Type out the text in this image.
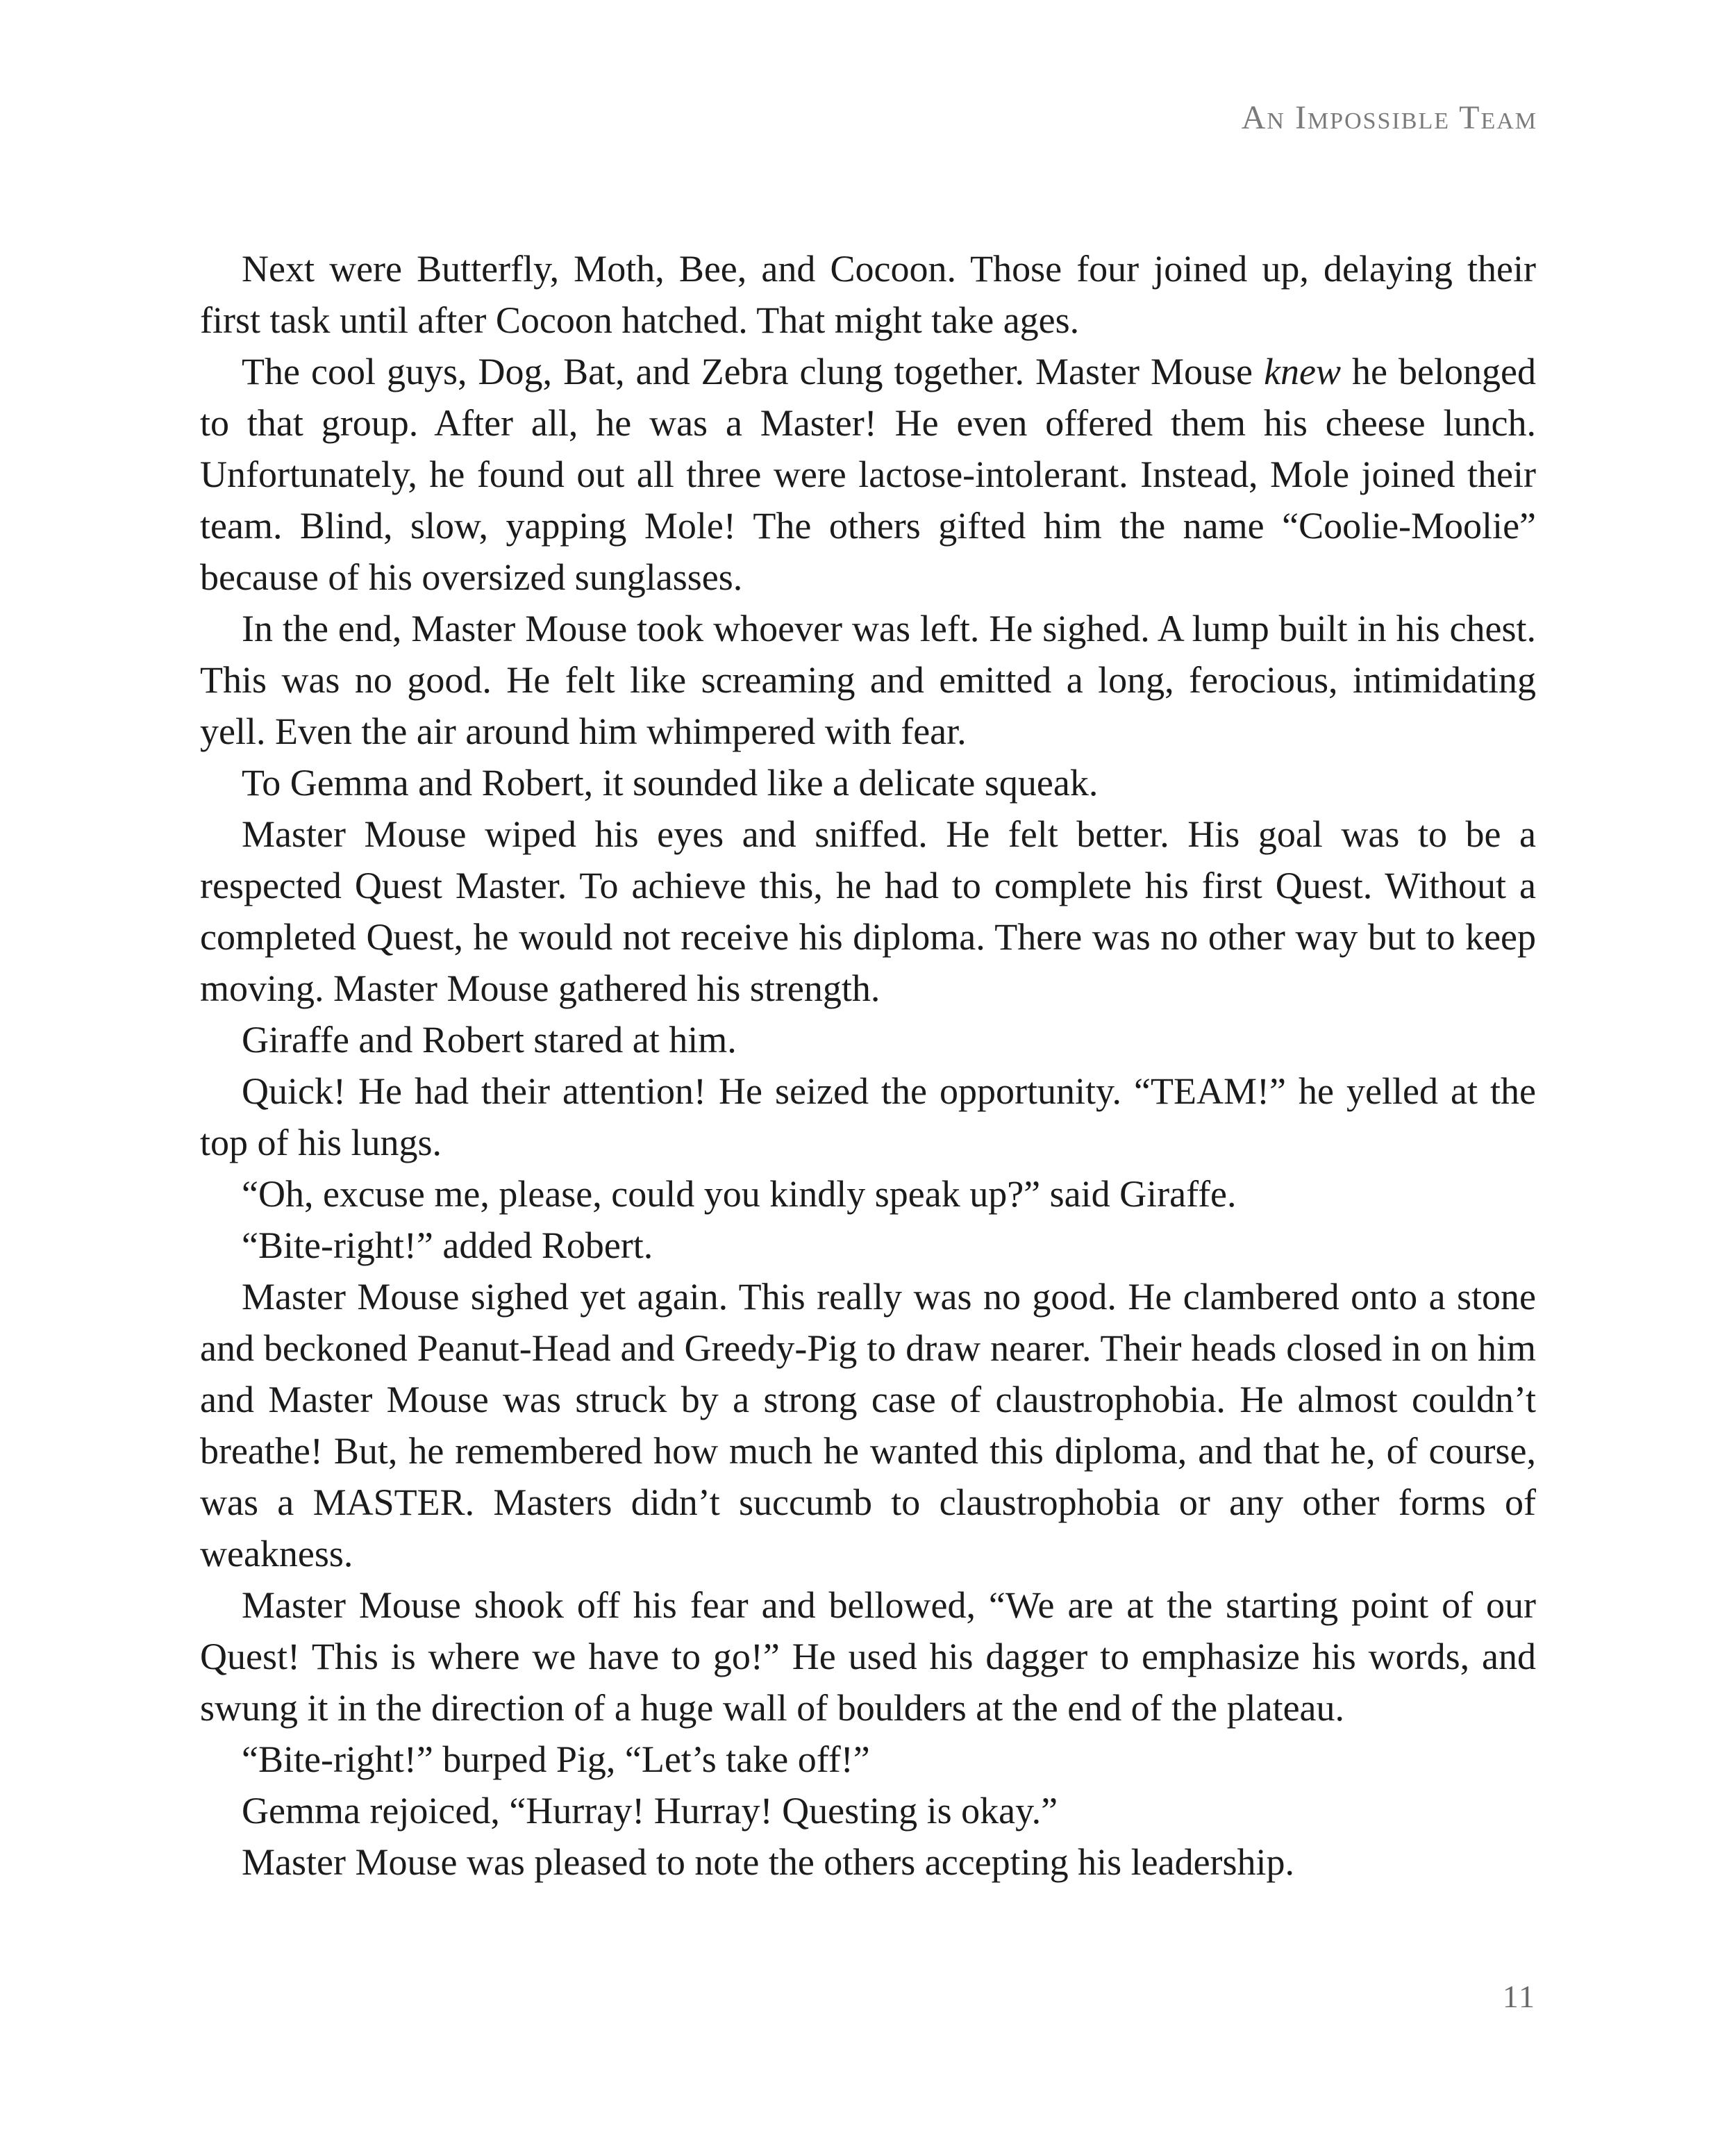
An Impossible Team

Next were Butterfly, Moth, Bee, and Cocoon. Those four joined up, delaying their first task until after Cocoon hatched. That might take ages.

The cool guys, Dog, Bat, and Zebra clung together. Master Mouse knew he belonged to that group. After all, he was a Master! He even offered them his cheese lunch. Unfortunately, he found out all three were lactose-intolerant. Instead, Mole joined their team. Blind, slow, yapping Mole! The others gifted him the name “Coolie-Moolie” because of his oversized sunglasses.

In the end, Master Mouse took whoever was left. He sighed. A lump built in his chest. This was no good. He felt like screaming and emitted a long, ferocious, intimidating yell. Even the air around him whimpered with fear.

To Gemma and Robert, it sounded like a delicate squeak.

Master Mouse wiped his eyes and sniffed. He felt better. His goal was to be a respected Quest Master. To achieve this, he had to complete his first Quest. Without a completed Quest, he would not receive his diploma. There was no other way but to keep moving. Master Mouse gathered his strength.

Giraffe and Robert stared at him.

Quick! He had their attention! He seized the opportunity. “TEAM!” he yelled at the top of his lungs.

“Oh, excuse me, please, could you kindly speak up?” said Giraffe.

“Bite-right!” added Robert.

Master Mouse sighed yet again. This really was no good. He clambered onto a stone and beckoned Peanut-Head and Greedy-Pig to draw nearer. Their heads closed in on him and Master Mouse was struck by a strong case of claustrophobia. He almost couldn’t breathe! But, he remembered how much he wanted this diploma, and that he, of course, was a MASTER. Masters didn’t succumb to claustrophobia or any other forms of weakness.

Master Mouse shook off his fear and bellowed, “We are at the starting point of our Quest! This is where we have to go!” He used his dagger to emphasize his words, and swung it in the direction of a huge wall of boulders at the end of the plateau.

“Bite-right!” burped Pig, “Let’s take off!”

Gemma rejoiced, “Hurray! Hurray! Questing is okay.”

Master Mouse was pleased to note the others accepting his leadership.

11
